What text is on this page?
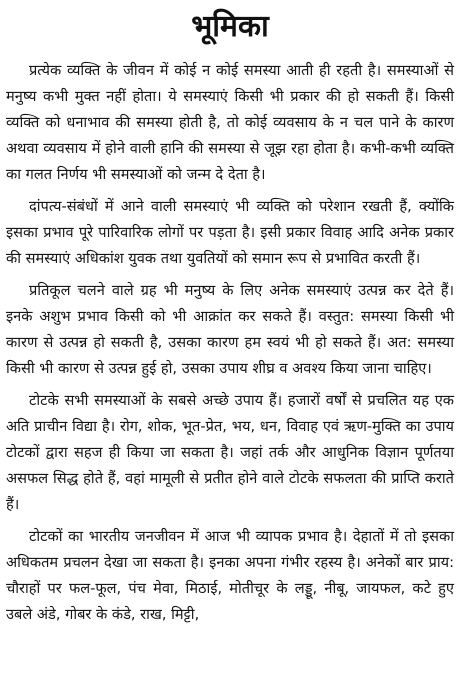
भूमिका

प्रत्येक व्यक्ति के जीवन में कोई न कोई समस्या आती ही रहती है। समस्याओं से मनुष्य कभी मुक्त नहीं होता। ये समस्याएं किसी भी प्रकार की हो सकती हैं। किसी व्यक्ति को धनाभाव की समस्या होती है, तो कोई व्यवसाय के न चल पाने के कारण अथवा व्यवसाय में होने वाली हानि की समस्या से जूझ रहा होता है। कभी-कभी व्यक्ति का गलत निर्णय भी समस्याओं को जन्म दे देता है।

दांपत्य-संबंधों में आने वाली समस्याएं भी व्यक्ति को परेशान रखती हैं, क्योंकि इसका प्रभाव पूरे पारिवारिक लोगों पर पड़ता है। इसी प्रकार विवाह आदि अनेक प्रकार की समस्याएं अधिकांश युवक तथा युवतियों को समान रूप से प्रभावित करती हैं।

प्रतिकूल चलने वाले ग्रह भी मनुष्य के लिए अनेक समस्याएं उत्पन्न कर देते हैं। इनके अशुभ प्रभाव किसी को भी आक्रांत कर सकते हैं। वस्तुत: समस्या किसी भी कारण से उत्पन्न हो सकती है, उसका कारण हम स्वयं भी हो सकते हैं। अत: समस्या किसी भी कारण से उत्पन्न हुई हो, उसका उपाय शीघ्र व अवश्य किया जाना चाहिए।

टोटके सभी समस्याओं के सबसे अच्छे उपाय हैं। हजारों वर्षों से प्रचलित यह एक अति प्राचीन विद्या है। रोग, शोक, भूत-प्रेत, भय, धन, विवाह एवं ऋण-मुक्ति का उपाय टोटकों द्वारा सहज ही किया जा सकता है। जहां तर्क और आधुनिक विज्ञान पूर्णतया असफल सिद्ध होते हैं, वहां मामूली से प्रतीत होने वाले टोटके सफलता की प्राप्ति कराते हैं।

टोटकों का भारतीय जनजीवन में आज भी व्यापक प्रभाव है। देहातों में तो इसका अधिकतम प्रचलन देखा जा सकता है। इनका अपना गंभीर रहस्य है। अनेकों बार प्राय: चौराहों पर फल-फूल, पंच मेवा, मिठाई, मोतीचूर के लड्डू, नीबू, जायफल, कटे हुए उबले अंडे, गोबर के कंडे, राख, मिट्टी,
